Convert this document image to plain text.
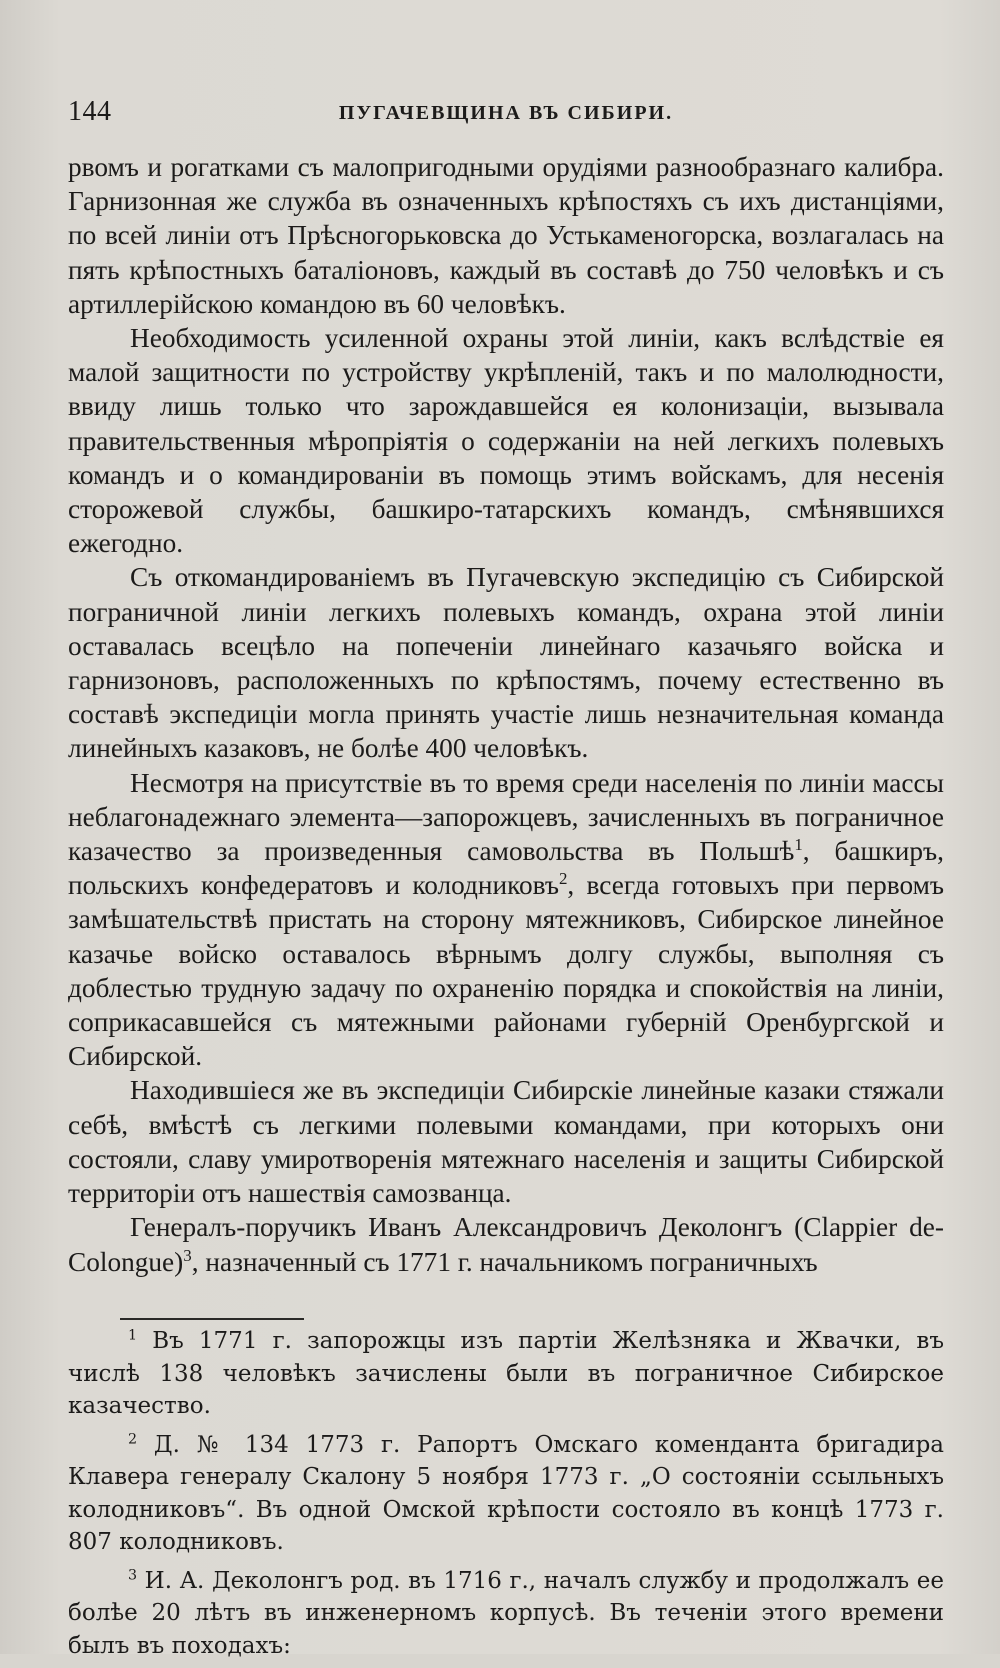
144	ПУГАЧЕВЩИНА ВЪ СИБИРИ.

рвомъ и рогатками съ малопригодными орудіями разнообразнаго калибра. Гарнизонная же служба въ означенныхъ крѣпостяхъ съ ихъ дистанціями, по всей линіи отъ Прѣсногорьковска до Устькаменогорска, возлагалась на пять крѣпостныхъ баталіоновъ, каждый въ составѣ до 750 человѣкъ и съ артиллерійскою командою въ 60 человѣкъ.

Необходимость усиленной охраны этой линіи, какъ вслѣдствіе ея малой защитности по устройству укрѣпленій, такъ и по малолюдности, ввиду лишь только что зарождавшейся ея колонизаціи, вызывала правительственныя мѣропріятія о содержаніи на ней легкихъ полевыхъ командъ и о командированіи въ помощь этимъ войскамъ, для несенія сторожевой службы, башкиро-татарскихъ командъ, смѣнявшихся ежегодно.

Съ откомандированіемъ въ Пугачевскую экспедицію съ Сибирской пограничной линіи легкихъ полевыхъ командъ, охрана этой линіи оставалась всецѣло на попеченіи линейнаго казачьяго войска и гарнизоновъ, расположенныхъ по крѣпостямъ, почему естественно въ составѣ экспедиціи могла принять участіе лишь незначительная команда линейныхъ казаковъ, не болѣе 400 человѣкъ.

Несмотря на присутствіе въ то время среди населенія по линіи массы неблагонадежнаго элемента—запорожцевъ, зачисленныхъ въ пограничное казачество за произведенныя самовольства въ Польшѣ$^1$, башкиръ, польскихъ конфедератовъ и колодниковъ$^2$, всегда готовыхъ при первомъ замѣшательствѣ пристать на сторону мятежниковъ, Сибирское линейное казачье войско оставалось вѣрнымъ долгу службы, выполняя съ доблестью трудную задачу по охраненію порядка и спокойствія на линіи, соприкасавшейся съ мятежными районами губерній Оренбургской и Сибирской.

Находившіеся же въ экспедиціи Сибирскіе линейные казаки стяжали себѣ, вмѣстѣ съ легкими полевыми командами, при которыхъ они состояли, славу умиротворенія мятежнаго населенія и защиты Сибирской территоріи отъ нашествія самозванца.

Генералъ-поручикъ Иванъ Александровичъ Деколонгъ (Clappier de-Colongue)$^3$, назначенный съ 1771 г. начальникомъ пограничныхъ

$^1$ Въ 1771 г. запорожцы изъ партіи Желѣзняка и Жвачки, въ числѣ 138 человѣкъ зачислены были въ пограничное Сибирское казачество.

$^2$ Д. № 134 1773 г. Рапортъ Омскаго коменданта бригадира Клавера генералу Скалону 5 ноября 1773 г. „О состояніи ссыльныхъ колодниковъ“. Въ одной Омской крѣпости состояло въ концѣ 1773 г. 807 колодниковъ.

$^3$ И. А. Деколонгъ род. въ 1716 г., началъ службу и продолжалъ ее болѣе 20 лѣтъ въ инженерномъ корпусѣ. Въ теченіи этого времени былъ въ походахъ:
